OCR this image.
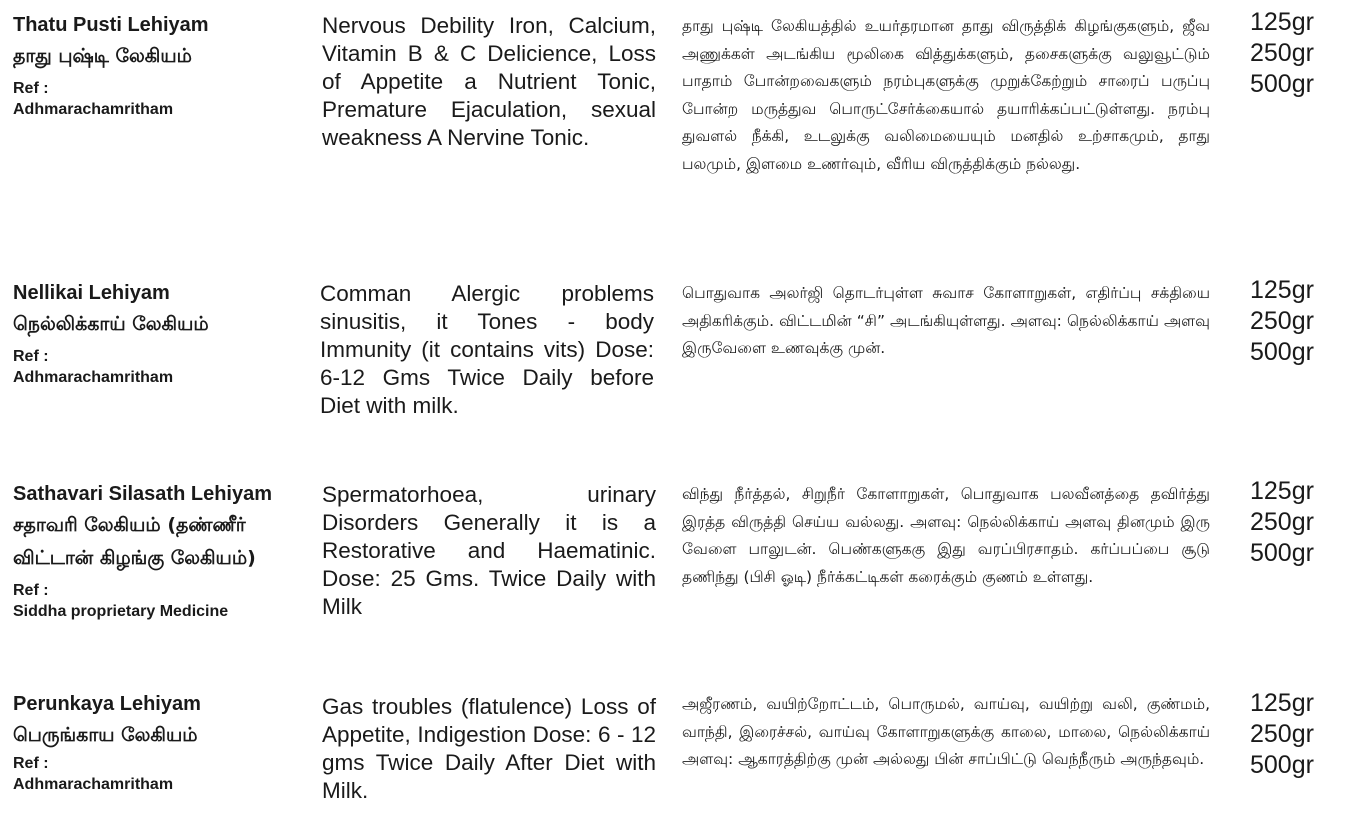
Thatu Pusti Lehiyam
தாது புஷ்டி லேகியம்
Ref :
Adhmarachamritham
Nervous Debility Iron, Calcium, Vitamin B & C Delicience, Loss of Appetite a Nutrient Tonic, Premature Ejaculation, sexual weakness A Nervine Tonic.
தாது புஷ்டி லேகியத்தில் உயர்தரமான தாது விருத்திக் கிழங்குகளும், ஜீவ அணுக்கள் அடங்கிய மூலிகை வித்துக்களும், தசைகளுக்கு வலுவூட்டும் பாதாம் போன்றவைகளும் நரம்புகளுக்கு முறுக்கேற்றும் சாரைப் பருப்பு போன்ற மருத்துவ பொருட்சேர்க்கையால் தயாரிக்கப்பட்டுள்ளது. நரம்பு துவளல் நீக்கி, உடலுக்கு வலிமையையும் மனதில் உற்சாகமும், தாது பலமும், இளமை உணர்வும், வீரிய விருத்திக்கும் நல்லது.
125gr
250gr
500gr
Nellikai Lehiyam
நெல்லிக்காய் லேகியம்
Ref :
Adhmarachamritham
Comman Alergic problems sinusitis, it Tones - body Immunity (it contains vits) Dose: 6-12 Gms Twice Daily before Diet with milk.
பொதுவாக அலர்ஜி தொடர்புள்ள சுவாச கோளாறுகள், எதிர்ப்பு சக்தியை அதிகரிக்கும். விட்டமின் “சி” அடங்கியுள்ளது. அளவு: நெல்லிக்காய் அளவு இருவேளை உணவுக்கு முன்.
125gr
250gr
500gr
Sathavari Silasath Lehiyam
சதாவரி லேகியம் (தண்ணீர் விட்டான் கிழங்கு லேகியம்)
Ref :
Siddha proprietary Medicine
Spermatorhoea, urinary Disorders Generally it is a Restorative and Haematinic. Dose: 25 Gms. Twice Daily with Milk
விந்து நீர்த்தல், சிறுநீர் கோளாறுகள், பொதுவாக பலவீனத்தை தவிர்த்து இரத்த விருத்தி செய்ய வல்லது. அளவு: நெல்லிக்காய் அளவு தினமும் இரு வேளை பாலுடன். பெண்களுககு இது வரப்பிரசாதம். கர்ப்பப்பை சூடு தணிந்து (பிசி ஓடி) நீர்க்கட்டிகள் கரைக்கும் குணம் உள்ளது.
125gr
250gr
500gr
Perunkaya Lehiyam
பெருங்காய லேகியம்
Ref :
Adhmarachamritham
Gas troubles (flatulence) Loss of Appetite, Indigestion Dose: 6 - 12 gms Twice Daily After Diet with Milk.
அஜீரணம், வயிற்றோட்டம், பொருமல், வாய்வு, வயிற்று வலி, குண்மம், வாந்தி, இரைச்சல், வாய்வு கோளாறுகளுக்கு காலை, மாலை, நெல்லிக்காய் அளவு: ஆகாரத்திற்கு முன் அல்லது பின் சாப்பிட்டு வெந்நீரும் அருந்தவும்.
125gr
250gr
500gr
